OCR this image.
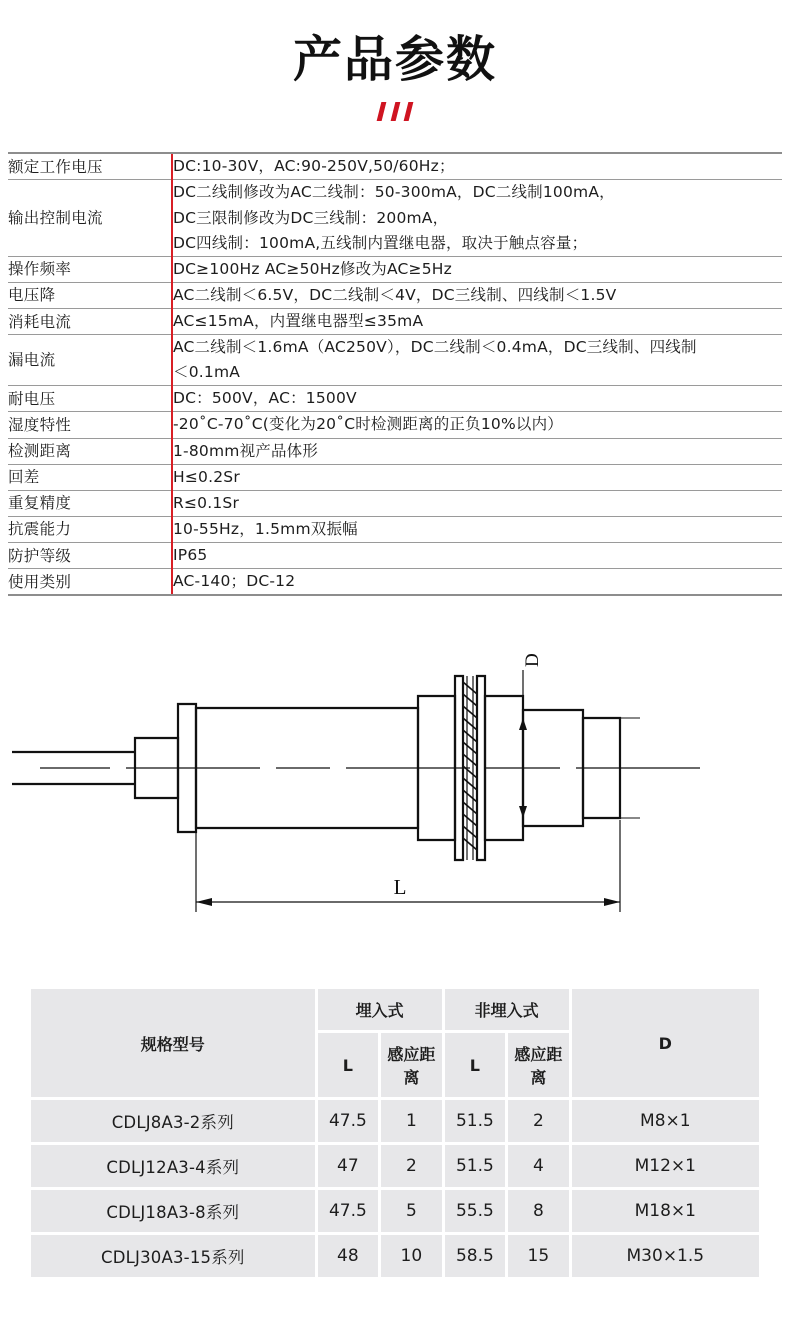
产品参数

额定工作电压	DC:10-30V，AC:90-250V,50/60Hz；

输出控制电流	DC二线制修改为AC二线制：50-300mA，DC二线制100mA，
DC三限制修改为DC三线制：200mA，
DC四线制：100mA,五线制内置继电器，取决于触点容量；

操作频率	DC≥100Hz AC≥50Hz修改为AC≥5Hz

电压降	AC二线制＜6.5V，DC二线制＜4V，DC三线制、四线制＜1.5V

消耗电流	AC≤15mA，内置继电器型≤35mA

漏电流	AC二线制＜1.6mA（AC250V），DC二线制＜0.4mA，DC三线制、四线制
＜0.1mA

耐电压	DC：500V，AC：1500V

湿度特性	-20˚C-70˚C(变化为20˚C时检测距离的正负10%以内）

检测距离	1-80mm视产品体形

回差	H≤0.2Sr

重复精度	R≤0.1Sr

抗震能力	10-55Hz，1.5mm双振幅

防护等级	IP65

使用类别	AC-140；DC-12
D
L
规格型号	埋入式		非埋入式		D
	L	感应距离	L	感应距离	
CDLJ8A3-2系列	47.5	1	51.5	2	M8×1
CDLJ12A3-4系列	47	2	51.5	4	M12×1
CDLJ18A3-8系列	47.5	5	55.5	8	M18×1
CDLJ30A3-15系列	48	10	58.5	15	M30×1.5
